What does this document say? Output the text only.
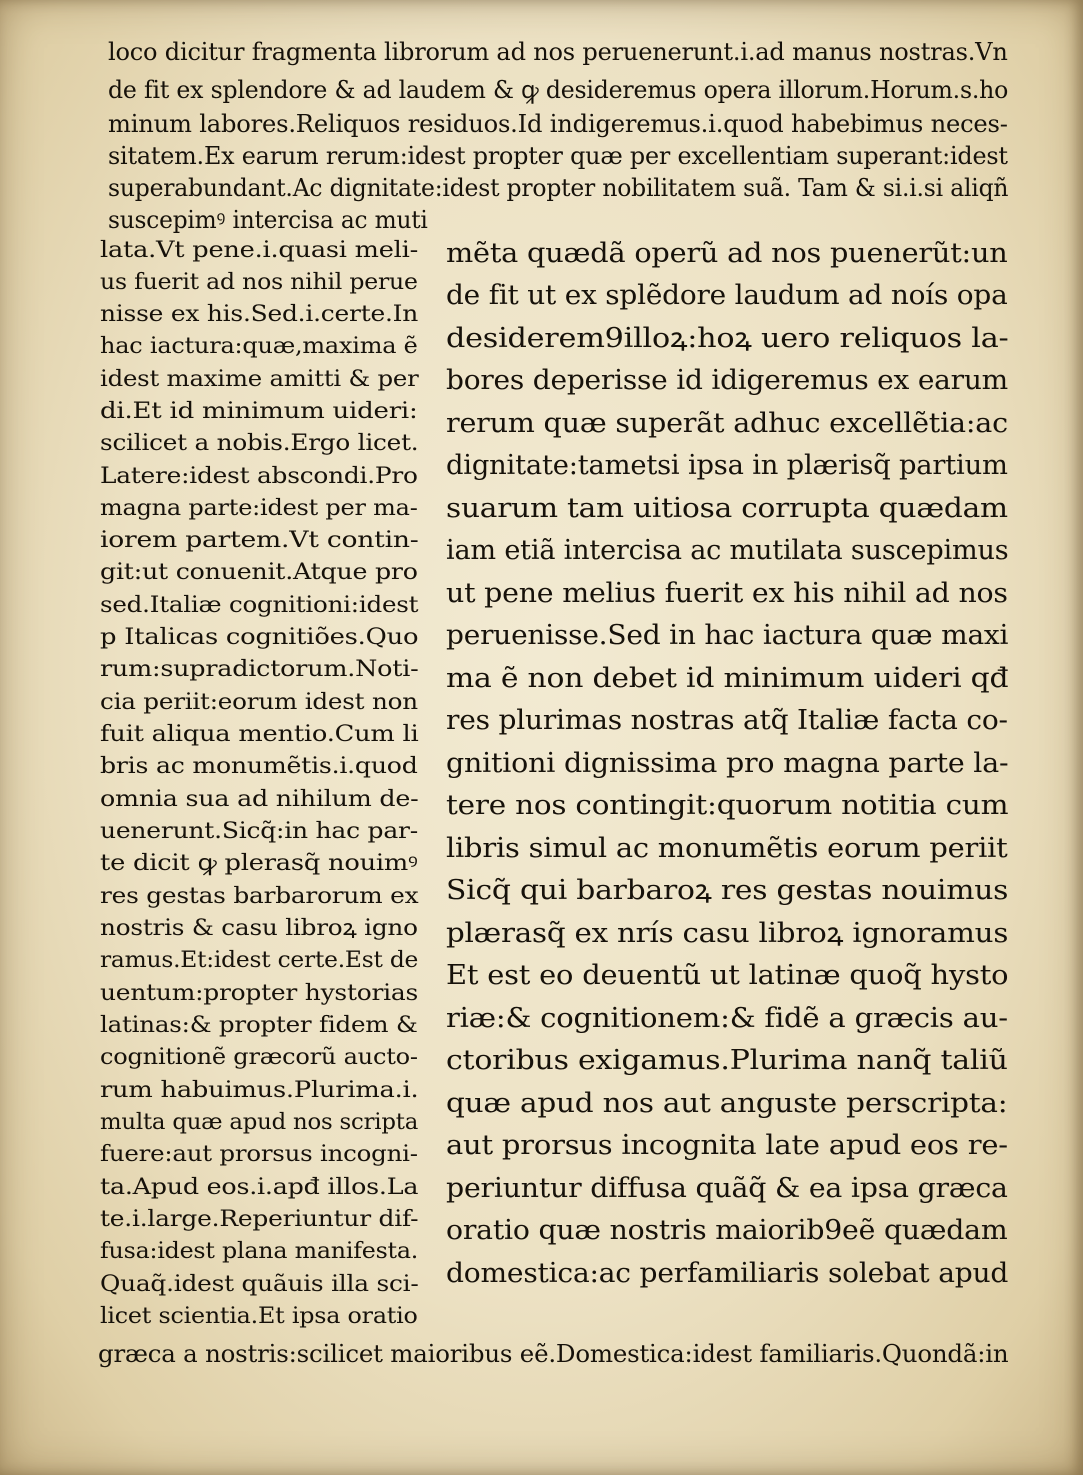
loco dicitur fragmenta librorum ad nos peruenerunt.i.ad manus nostras.Vn
de fit ex splendore & ad laudem & ꝙ desideremus opera illorum.Horum.s.ho
minum labores.Reliquos residuos.Id indigeremus.i.quod habebimus neces-
sitatem.Ex earum rerum:idest propter quæ per excellentiam superant:idest
superabundant.Ac dignitate:idest propter nobilitatem suã. Tam & si.i.si aliqñ
suscepimꝰ intercisa ac muti
lata.Vt pene.i.quasi meli-
us fuerit ad nos nihil perue
nisse ex his.Sed.i.certe.In
hac iactura:quæ,maxima ẽ
idest maxime amitti & per
di.Et id minimum uideri:
scilicet a nobis.Ergo licet.
Latere:idest abscondi.Pro
magna parte:idest per ma-
iorem partem.Vt contin-
git:ut conuenit.Atque pro
sed.Italiæ cognitioni:idest
p Italicas cognitiões.Quo
rum:supradictorum.Noti-
cia periit:eorum idest non
fuit aliqua mentio.Cum li
bris ac monumẽtis.i.quod
omnia sua ad nihilum de-
uenerunt.Sicq̃:in hac par-
te dicit ꝙ plerasq̃ nouimꝰ
res gestas barbarorum ex
nostris & casu libroꝝ igno
ramus.Et:idest certe.Est de
uentum:propter hystorias
latinas:& propter fidem &
cognitionẽ græcorũ aucto-
rum habuimus.Plurima.i.
multa quæ apud nos scripta
fuere:aut prorsus incogni-
ta.Apud eos.i.apđ illos.La
te.i.large.Reperiuntur dif-
fusa:idest plana manifesta.
Quaq̃.idest quãuis illa sci-
licet scientia.Et ipsa oratio
mẽta quædã operũ ad nos puenerũt:un
de fit ut ex splẽdore laudum ad noís opa
desiderem9illoꝝ:hoꝝ uero reliquos la-
bores deperisse id idigeremus ex earum
rerum quæ superãt adhuc excellẽtia:ac
dignitate:tametsi ipsa in plærisq̃ partium
suarum tam uitiosa corrupta quædam
iam etiã intercisa ac mutilata suscepimus
ut pene melius fuerit ex his nihil ad nos
peruenisse.Sed in hac iactura quæ maxi
ma ẽ non debet id minimum uideri qđ
res plurimas nostras atq̃ Italiæ facta co-
gnitioni dignissima pro magna parte la-
tere nos contingit:quorum notitia cum
libris simul ac monumẽtis eorum periit
Sicq̃ qui barbaroꝝ res gestas nouimus
plærasq̃ ex nrís casu libroꝝ ignoramus
Et est eo deuentũ ut latinæ quoq̃ hysto
riæ:& cognitionem:& fidẽ a græcis au-
ctoribus exigamus.Plurima nanq̃ taliũ
quæ apud nos aut anguste perscripta:
aut prorsus incognita late apud eos re-
periuntur diffusa quãq̃ & ea ipsa græca
oratio quæ nostris maiorib9eẽ quædam
domestica:ac perfamiliaris solebat apud
græca a nostris:scilicet maioribus eẽ.Domestica:idest familiaris.Quondã:in
